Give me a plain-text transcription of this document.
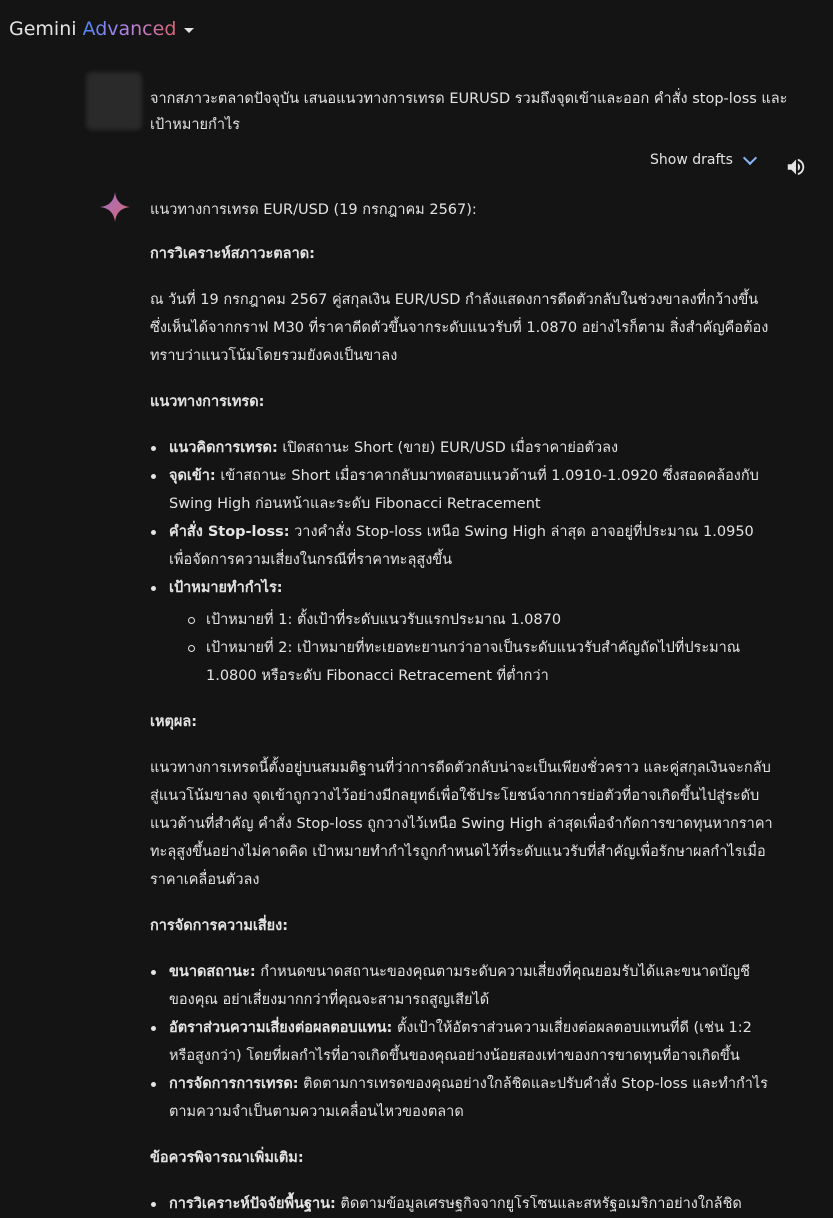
Gemini Advanced
จากสภาวะตลาดปัจจุบัน เสนอแนวทางการเทรด EURUSD รวมถึงจุดเข้าและออก คำสั่ง stop-loss และเป้าหมายกำไร
Show drafts

แนวทางการเทรด EUR/USD (19 กรกฎาคม 2567):

การวิเคราะห์สภาวะตลาด:

ณ วันที่ 19 กรกฎาคม 2567 คู่สกุลเงิน EUR/USD กำลังแสดงการดีดตัวกลับในช่วงขาลงที่กว้างขึ้น ซึ่งเห็นได้จากกราฟ M30 ที่ราคาดีดตัวขึ้นจากระดับแนวรับที่ 1.0870 อย่างไรก็ตาม สิ่งสำคัญคือต้องทราบว่าแนวโน้มโดยรวมยังคงเป็นขาลง

แนวทางการเทรด:

แนวคิดการเทรด: เปิดสถานะ Short (ขาย) EUR/USD เมื่อราคาย่อตัวลง
จุดเข้า: เข้าสถานะ Short เมื่อราคากลับมาทดสอบแนวต้านที่ 1.0910-1.0920 ซึ่งสอดคล้องกับ Swing High ก่อนหน้าและระดับ Fibonacci Retracement
คำสั่ง Stop-loss: วางคำสั่ง Stop-loss เหนือ Swing High ล่าสุด อาจอยู่ที่ประมาณ 1.0950 เพื่อจัดการความเสี่ยงในกรณีที่ราคาทะลุสูงขึ้น
เป้าหมายทำกำไร:
เป้าหมายที่ 1: ตั้งเป้าที่ระดับแนวรับแรกประมาณ 1.0870
เป้าหมายที่ 2: เป้าหมายที่ทะเยอทะยานกว่าอาจเป็นระดับแนวรับสำคัญถัดไปที่ประมาณ 1.0800 หรือระดับ Fibonacci Retracement ที่ต่ำกว่า

เหตุผล:

แนวทางการเทรดนี้ตั้งอยู่บนสมมติฐานที่ว่าการดีดตัวกลับน่าจะเป็นเพียงชั่วคราว และคู่สกุลเงินจะกลับสู่แนวโน้มขาลง จุดเข้าถูกวางไว้อย่างมีกลยุทธ์เพื่อใช้ประโยชน์จากการย่อตัวที่อาจเกิดขึ้นไปสู่ระดับแนวต้านที่สำคัญ คำสั่ง Stop-loss ถูกวางไว้เหนือ Swing High ล่าสุดเพื่อจำกัดการขาดทุนหากราคาทะลุสูงขึ้นอย่างไม่คาดคิด เป้าหมายทำกำไรถูกกำหนดไว้ที่ระดับแนวรับที่สำคัญเพื่อรักษาผลกำไรเมื่อราคาเคลื่อนตัวลง

การจัดการความเสี่ยง:

ขนาดสถานะ: กำหนดขนาดสถานะของคุณตามระดับความเสี่ยงที่คุณยอมรับได้และขนาดบัญชีของคุณ อย่าเสี่ยงมากกว่าที่คุณจะสามารถสูญเสียได้
อัตราส่วนความเสี่ยงต่อผลตอบแทน: ตั้งเป้าให้อัตราส่วนความเสี่ยงต่อผลตอบแทนที่ดี (เช่น 1:2 หรือสูงกว่า) โดยที่ผลกำไรที่อาจเกิดขึ้นของคุณอย่างน้อยสองเท่าของการขาดทุนที่อาจเกิดขึ้น
การจัดการการเทรด: ติดตามการเทรดของคุณอย่างใกล้ชิดและปรับคำสั่ง Stop-loss และทำกำไรตามความจำเป็นตามความเคลื่อนไหวของตลาด

ข้อควรพิจารณาเพิ่มเติม:

การวิเคราะห์ปัจจัยพื้นฐาน: ติดตามข้อมูลเศรษฐกิจจากยูโรโซนและสหรัฐอเมริกาอย่างใกล้ชิด
